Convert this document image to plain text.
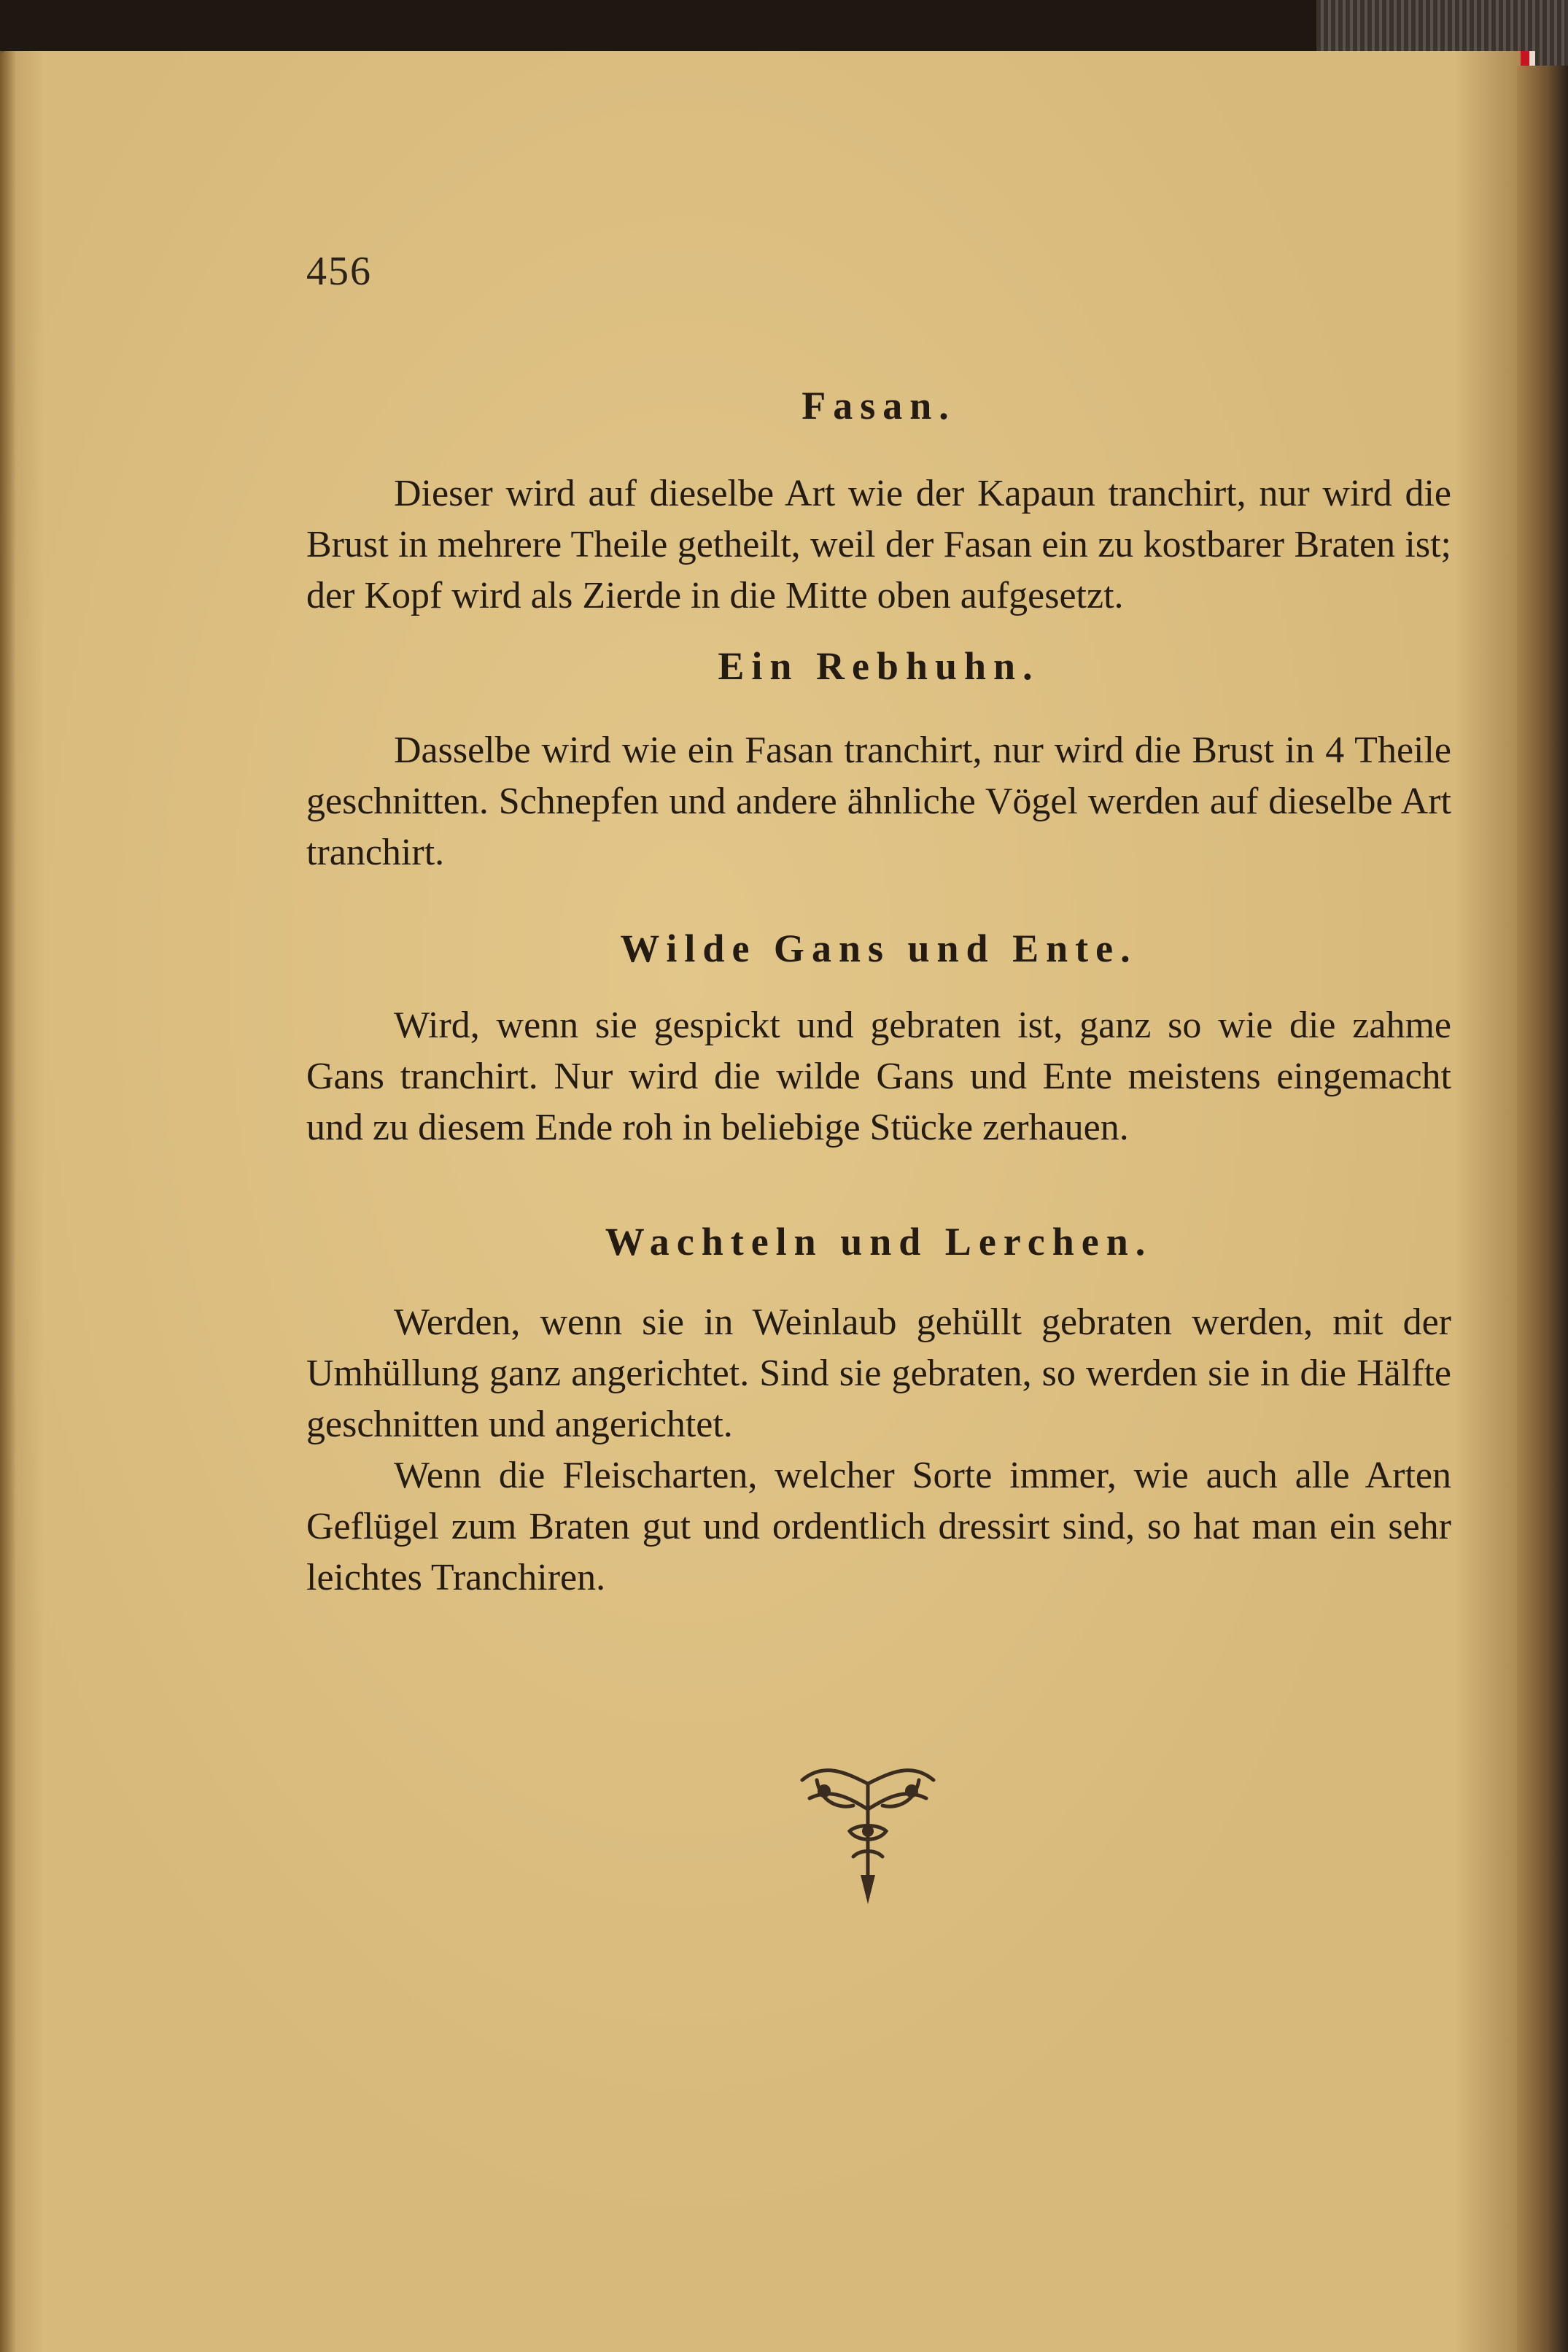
456
Fasan.

Dieser wird auf dieselbe Art wie der Kapaun tranchirt, nur wird die Brust in mehrere Theile getheilt, weil der Fasan ein zu kostbarer Braten ist; der Kopf wird als Zierde in die Mitte oben aufgesetzt.

Ein Rebhuhn.

Dasselbe wird wie ein Fasan tranchirt, nur wird die Brust in 4 Theile geschnitten. Schnepfen und andere ähnliche Vögel werden auf dieselbe Art tranchirt.

Wilde Gans und Ente.

Wird, wenn sie gespickt und gebraten ist, ganz so wie die zahme Gans tranchirt. Nur wird die wilde Gans und Ente meistens eingemacht und zu diesem Ende roh in beliebige Stücke zerhauen.

Wachteln und Lerchen.

Werden, wenn sie in Weinlaub gehüllt gebraten werden, mit der Umhüllung ganz angerichtet. Sind sie gebraten, so werden sie in die Hälfte geschnitten und angerichtet.

Wenn die Fleischarten, welcher Sorte immer, wie auch alle Arten Geflügel zum Braten gut und ordentlich dressirt sind, so hat man ein sehr leichtes Tranchiren.
